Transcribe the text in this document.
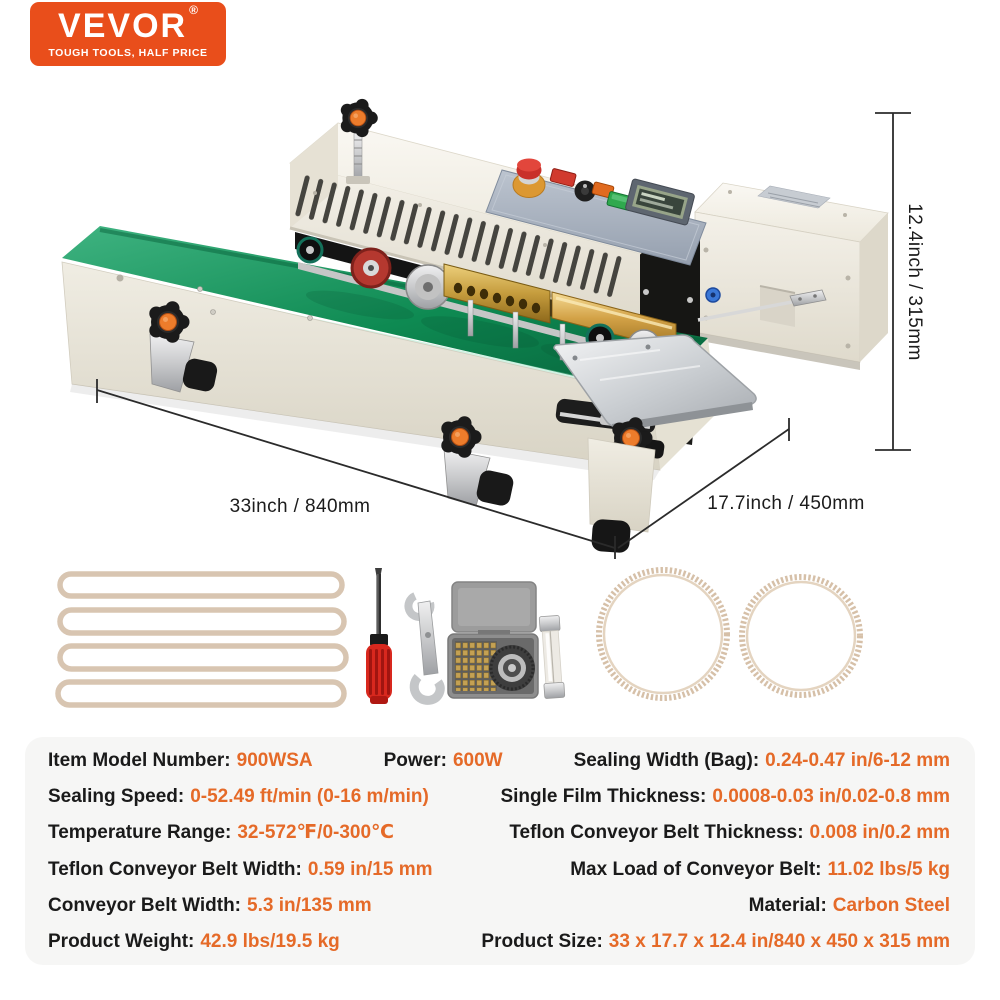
VEVOR ®
TOUGH TOOLS, HALF PRICE
33inch / 840mm	17.7inch / 450mm
12.4inch / 315mm
Item Model Number: 900WSA	Power: 600W	Sealing Width (Bag): 0.24-0.47 in/6-12 mm
Sealing Speed: 0-52.49 ft/min (0-16 m/min)	Single Film Thickness: 0.0008-0.03 in/0.02-0.8 mm
Temperature Range: 32-572℉/0-300℃	Teflon Conveyor Belt Thickness: 0.008 in/0.2 mm
Teflon Conveyor Belt Width: 0.59 in/15 mm	Max Load of Conveyor Belt: 11.02 lbs/5 kg
Conveyor Belt Width: 5.3 in/135 mm	Material: Carbon Steel
Product Weight: 42.9 lbs/19.5 kg	Product Size: 33 x 17.7 x 12.4 in/840 x 450 x 315 mm
